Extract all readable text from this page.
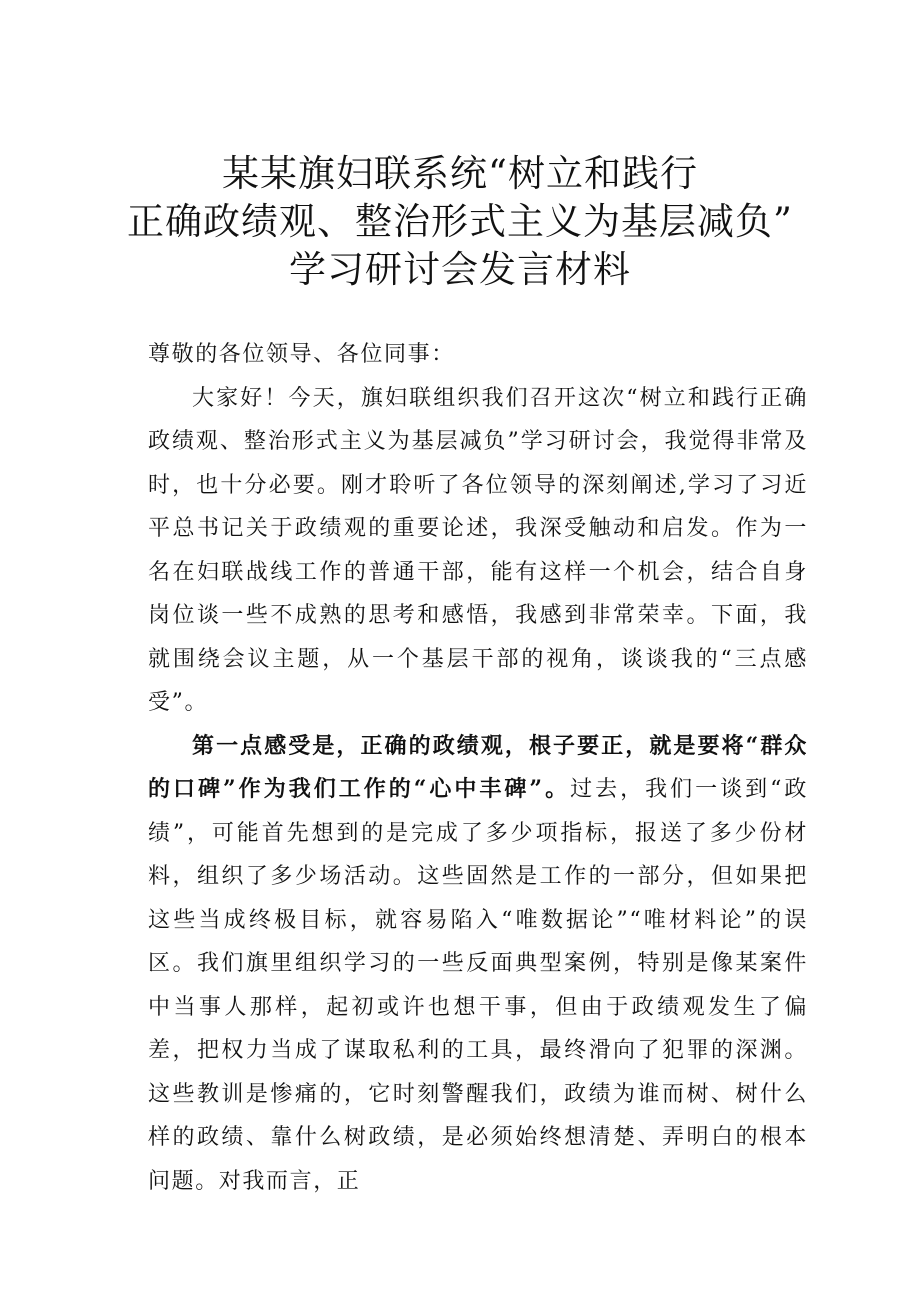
某某旗妇联系统“树立和践行
正确政绩观、整治形式主义为基层减负”
学习研讨会发言材料

尊敬的各位领导、各位同事：

大家好！今天，旗妇联组织我们召开这次“树立和践行正确政绩观、整治形式主义为基层减负”学习研讨会，我觉得非常及时，也十分必要。刚才聆听了各位领导的深刻阐述,学习了习近平总书记关于政绩观的重要论述，我深受触动和启发。作为一名在妇联战线工作的普通干部，能有这样一个机会，结合自身岗位谈一些不成熟的思考和感悟，我感到非常荣幸。下面，我就围绕会议主题，从一个基层干部的视角，谈谈我的“三点感受”。

第一点感受是，正确的政绩观，根子要正，就是要将“群众的口碑”作为我们工作的“心中丰碑”。过去，我们一谈到“政绩”，可能首先想到的是完成了多少项指标，报送了多少份材料，组织了多少场活动。这些固然是工作的一部分，但如果把这些当成终极目标，就容易陷入“唯数据论”“唯材料论”的误区。我们旗里组织学习的一些反面典型案例，特别是像某案件中当事人那样，起初或许也想干事，但由于政绩观发生了偏差，把权力当成了谋取私利的工具，最终滑向了犯罪的深渊。这些教训是惨痛的，它时刻警醒我们，政绩为谁而树、树什么样的政绩、靠什么树政绩，是必须始终想清楚、弄明白的根本问题。对我而言，正
